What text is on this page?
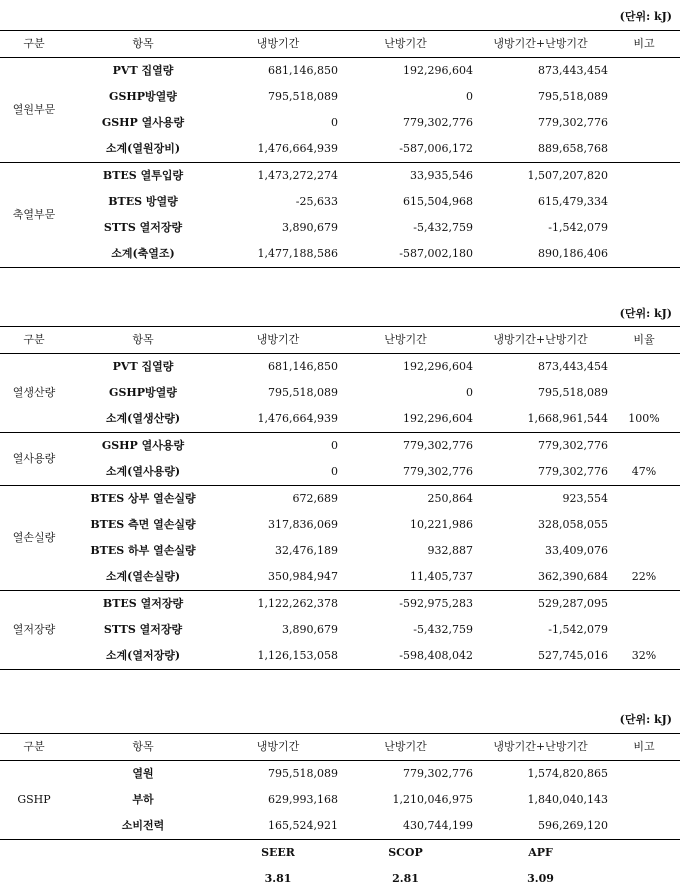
(단위: kJ)
구분	항목	냉방기간	난방기간	냉방기간+난방기간	비고
열원부문	PVT 집열량	681,146,850	192,296,604	873,443,454	
	GSHP방열량	795,518,089	0	795,518,089	
	GSHP 열사용량	0	779,302,776	779,302,776	
	소계(열원장비)	1,476,664,939	-587,006,172	889,658,768	
축열부문	BTES 열투입량	1,473,272,274	33,935,546	1,507,207,820	
	BTES 방열량	-25,633	615,504,968	615,479,334	
	STTS 열저장량	3,890,679	-5,432,759	-1,542,079	
	소계(축열조)	1,477,188,586	-587,002,180	890,186,406	
(단위: kJ)
구분	항목	냉방기간	난방기간	냉방기간+난방기간	비율
열생산량	PVT 집열량	681,146,850	192,296,604	873,443,454	
	GSHP방열량	795,518,089	0	795,518,089	
	소계(열생산량)	1,476,664,939	192,296,604	1,668,961,544	100%
열사용량	GSHP 열사용량	0	779,302,776	779,302,776	
	소계(열사용량)	0	779,302,776	779,302,776	47%
열손실량	BTES 상부 열손실량	672,689	250,864	923,554	
	BTES 측면 열손실량	317,836,069	10,221,986	328,058,055	
	BTES 하부 열손실량	32,476,189	932,887	33,409,076	
	소계(열손실량)	350,984,947	11,405,737	362,390,684	22%
열저장량	BTES 열저장량	1,122,262,378	-592,975,283	529,287,095	
	STTS 열저장량	3,890,679	-5,432,759	-1,542,079	
	소계(열저장량)	1,126,153,058	-598,408,042	527,745,016	32%
(단위: kJ)
구분	항목	냉방기간	난방기간	냉방기간+난방기간	비고
GSHP	열원	795,518,089	779,302,776	1,574,820,865	
	부하	629,993,168	1,210,046,975	1,840,040,143	
	소비전력	165,524,921	430,744,199	596,269,120	
		SEER	SCOP	APF	
		3.81	2.81	3.09	
